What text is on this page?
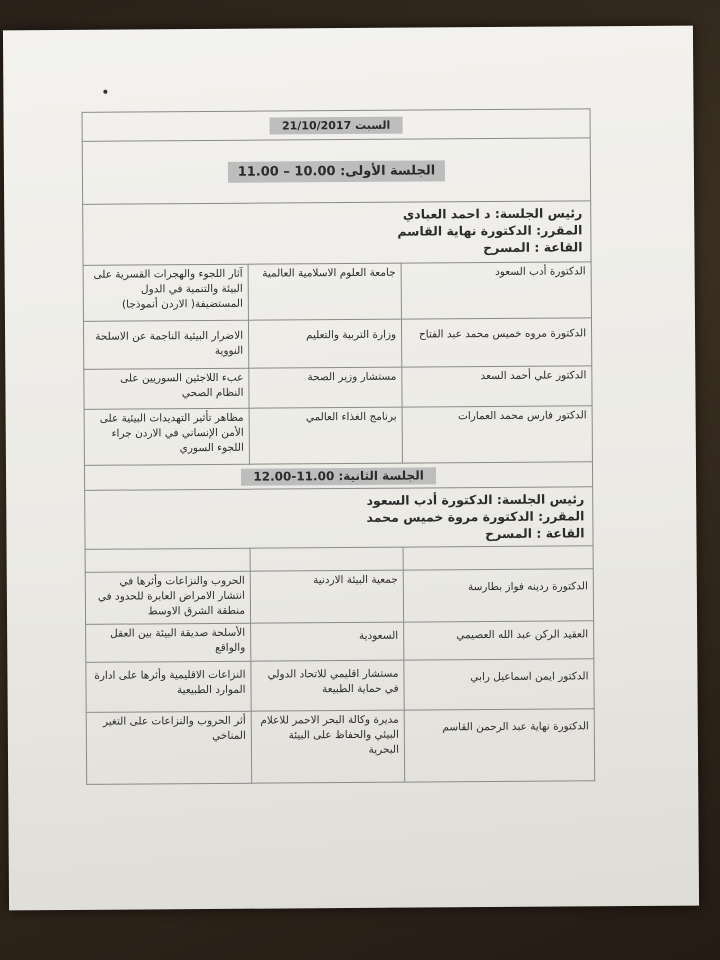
السبت 21/10/2017		
الجلسة الأولى: 10.00 – 11.00		

رئيس الجلسة: د احمد العبادي

المقرر: الدكتورة نهاية القاسم

القاعة : المسرح		

الدكتورة أدب السعود	جامعة العلوم الاسلامية العالمية	آثار اللجوء والهجرات القسرية على البيئة والتنمية في الدول المستضيفة( الاردن أنموذجا)
الدكتورة مروه خميس محمد عبد الفتاح	وزارة التربية والتعليم	الاضرار البيئية الناجمة عن الاسلحة النووية
الدكتور علي أحمد السعد	مستشار وزير الصحة	عبء اللاجئين السوريين على النظام الصحي
الدكتور فارس محمد العمارات	برنامج الغذاء العالمي	مظاهر تأثير التهديدات البيئية على الأمن الإنساني في الاردن جراء اللجوء السوري
الجلسة الثانية: 11.00-12.00		

رئيس الجلسة: الدكتورة أدب السعود

المقرر: الدكتورة مروة خميس محمد

القاعة : المسرح		

الدكتورة ردينه فواز بطارسة	جمعية البيئة الاردنية	الحروب والنزاعات وأثرها في انتشار الامراض العابرة للحدود في منطقة الشرق الاوسط
العقيد الركن عبد الله العصيمي	السعودية	الأسلحة صديقة البيئة بين العقل والواقع
الدكتور ايمن اسماعيل رابي	مستشار اقليمي للاتحاد الدولي في حماية الطبيعة	النزاعات الاقليمية وأثرها على ادارة الموارد الطبيعية
الدكتورة نهاية عبد الرحمن القاسم	مديرة وكالة البحر الاحمر للاعلام البيئي والحفاظ على البيئة البحرية	أثر الحروب والنزاعات على التغير المناخي
